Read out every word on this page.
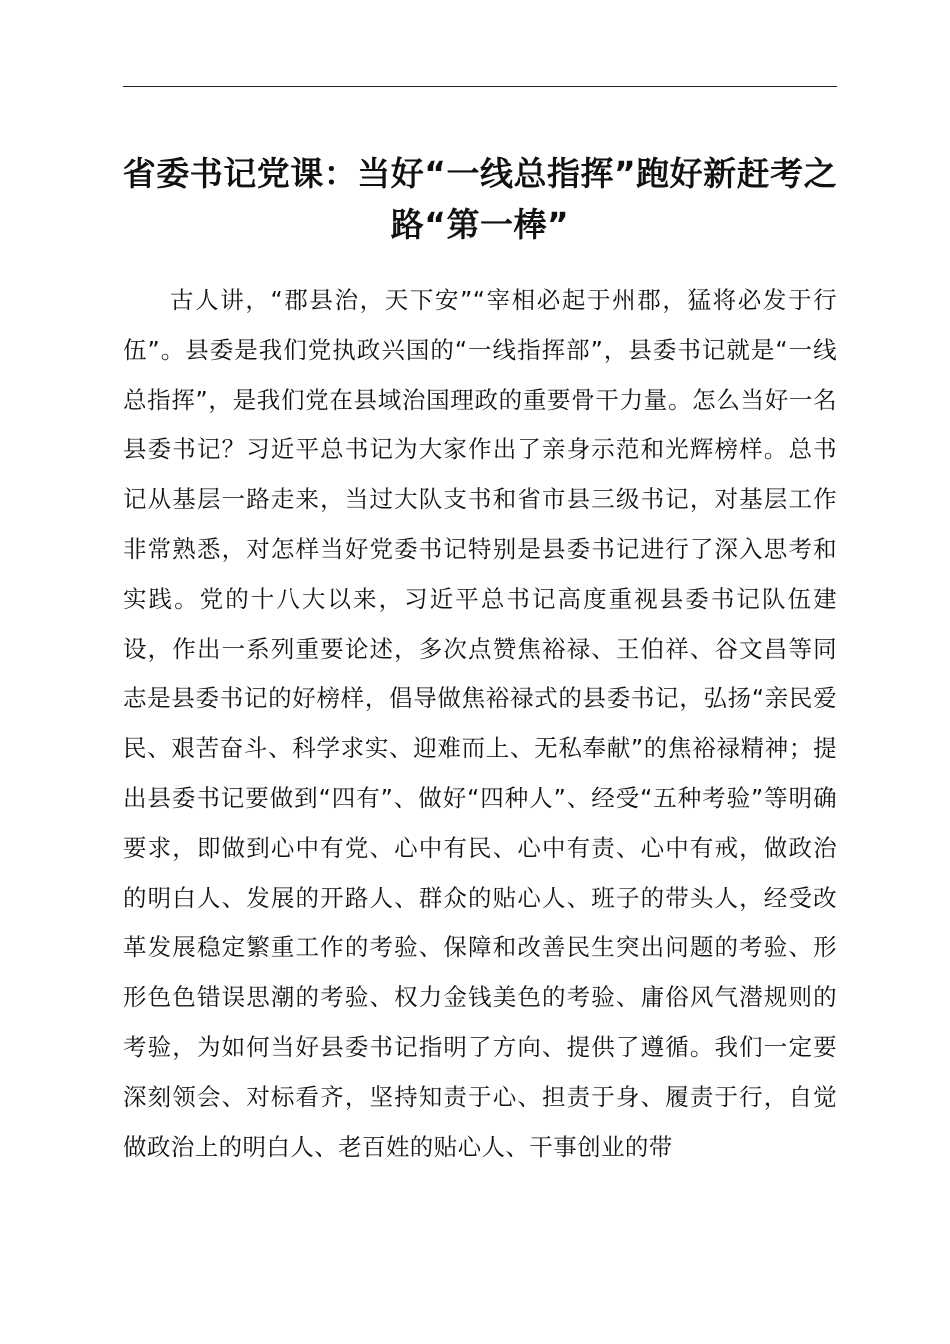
省委书记党课：当好“一线总指挥”跑好新赶考之路“第一棒”

古人讲，“郡县治，天下安”“宰相必起于州郡，猛将必发于行伍”。县委是我们党执政兴国的“一线指挥部”，县委书记就是“一线总指挥”，是我们党在县域治国理政的重要骨干力量。怎么当好一名县委书记？习近平总书记为大家作出了亲身示范和光辉榜样。总书记从基层一路走来，当过大队支书和省市县三级书记，对基层工作非常熟悉，对怎样当好党委书记特别是县委书记进行了深入思考和实践。党的十八大以来，习近平总书记高度重视县委书记队伍建设，作出一系列重要论述，多次点赞焦裕禄、王伯祥、谷文昌等同志是县委书记的好榜样，倡导做焦裕禄式的县委书记，弘扬“亲民爱民、艰苦奋斗、科学求实、迎难而上、无私奉献”的焦裕禄精神；提出县委书记要做到“四有”、做好“四种人”、经受“五种考验”等明确要求，即做到心中有党、心中有民、心中有责、心中有戒，做政治的明白人、发展的开路人、群众的贴心人、班子的带头人，经受改革发展稳定繁重工作的考验、保障和改善民生突出问题的考验、形形色色错误思潮的考验、权力金钱美色的考验、庸俗风气潜规则的考验，为如何当好县委书记指明了方向、提供了遵循。我们一定要深刻领会、对标看齐，坚持知责于心、担责于身、履责于行，自觉做政治上的明白人、老百姓的贴心人、干事创业的带
